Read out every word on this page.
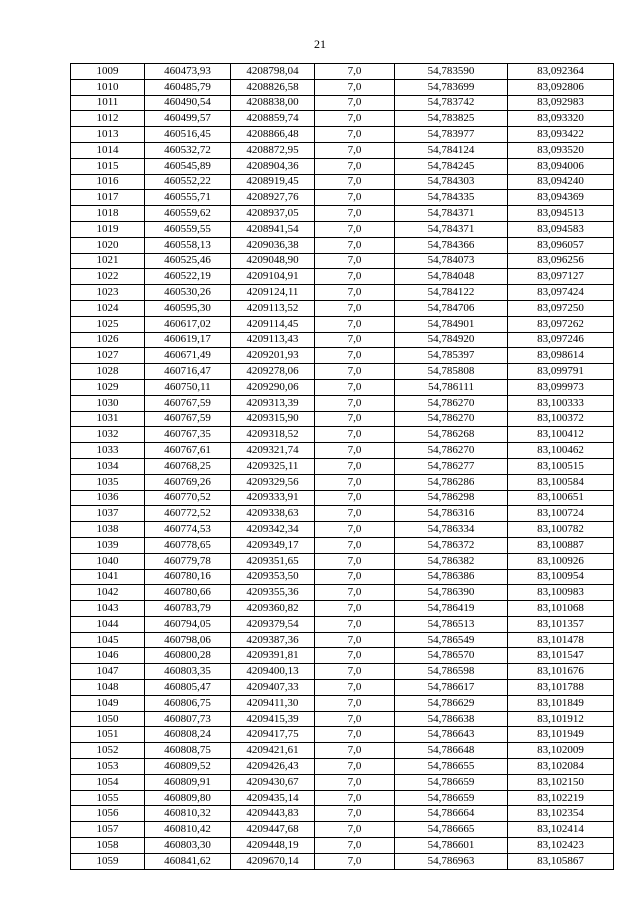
21
1009	460473,93	4208798,04	7,0	54,783590	83,092364
1010	460485,79	4208826,58	7,0	54,783699	83,092806
1011	460490,54	4208838,00	7,0	54,783742	83,092983
1012	460499,57	4208859,74	7,0	54,783825	83,093320
1013	460516,45	4208866,48	7,0	54,783977	83,093422
1014	460532,72	4208872,95	7,0	54,784124	83,093520
1015	460545,89	4208904,36	7,0	54,784245	83,094006
1016	460552,22	4208919,45	7,0	54,784303	83,094240
1017	460555,71	4208927,76	7,0	54,784335	83,094369
1018	460559,62	4208937,05	7,0	54,784371	83,094513
1019	460559,55	4208941,54	7,0	54,784371	83,094583
1020	460558,13	4209036,38	7,0	54,784366	83,096057
1021	460525,46	4209048,90	7,0	54,784073	83,096256
1022	460522,19	4209104,91	7,0	54,784048	83,097127
1023	460530,26	4209124,11	7,0	54,784122	83,097424
1024	460595,30	4209113,52	7,0	54,784706	83,097250
1025	460617,02	4209114,45	7,0	54,784901	83,097262
1026	460619,17	4209113,43	7,0	54,784920	83,097246
1027	460671,49	4209201,93	7,0	54,785397	83,098614
1028	460716,47	4209278,06	7,0	54,785808	83,099791
1029	460750,11	4209290,06	7,0	54,786111	83,099973
1030	460767,59	4209313,39	7,0	54,786270	83,100333
1031	460767,59	4209315,90	7,0	54,786270	83,100372
1032	460767,35	4209318,52	7,0	54,786268	83,100412
1033	460767,61	4209321,74	7,0	54,786270	83,100462
1034	460768,25	4209325,11	7,0	54,786277	83,100515
1035	460769,26	4209329,56	7,0	54,786286	83,100584
1036	460770,52	4209333,91	7,0	54,786298	83,100651
1037	460772,52	4209338,63	7,0	54,786316	83,100724
1038	460774,53	4209342,34	7,0	54,786334	83,100782
1039	460778,65	4209349,17	7,0	54,786372	83,100887
1040	460779,78	4209351,65	7,0	54,786382	83,100926
1041	460780,16	4209353,50	7,0	54,786386	83,100954
1042	460780,66	4209355,36	7,0	54,786390	83,100983
1043	460783,79	4209360,82	7,0	54,786419	83,101068
1044	460794,05	4209379,54	7,0	54,786513	83,101357
1045	460798,06	4209387,36	7,0	54,786549	83,101478
1046	460800,28	4209391,81	7,0	54,786570	83,101547
1047	460803,35	4209400,13	7,0	54,786598	83,101676
1048	460805,47	4209407,33	7,0	54,786617	83,101788
1049	460806,75	4209411,30	7,0	54,786629	83,101849
1050	460807,73	4209415,39	7,0	54,786638	83,101912
1051	460808,24	4209417,75	7,0	54,786643	83,101949
1052	460808,75	4209421,61	7,0	54,786648	83,102009
1053	460809,52	4209426,43	7,0	54,786655	83,102084
1054	460809,91	4209430,67	7,0	54,786659	83,102150
1055	460809,80	4209435,14	7,0	54,786659	83,102219
1056	460810,32	4209443,83	7,0	54,786664	83,102354
1057	460810,42	4209447,68	7,0	54,786665	83,102414
1058	460803,30	4209448,19	7,0	54,786601	83,102423
1059	460841,62	4209670,14	7,0	54,786963	83,105867
